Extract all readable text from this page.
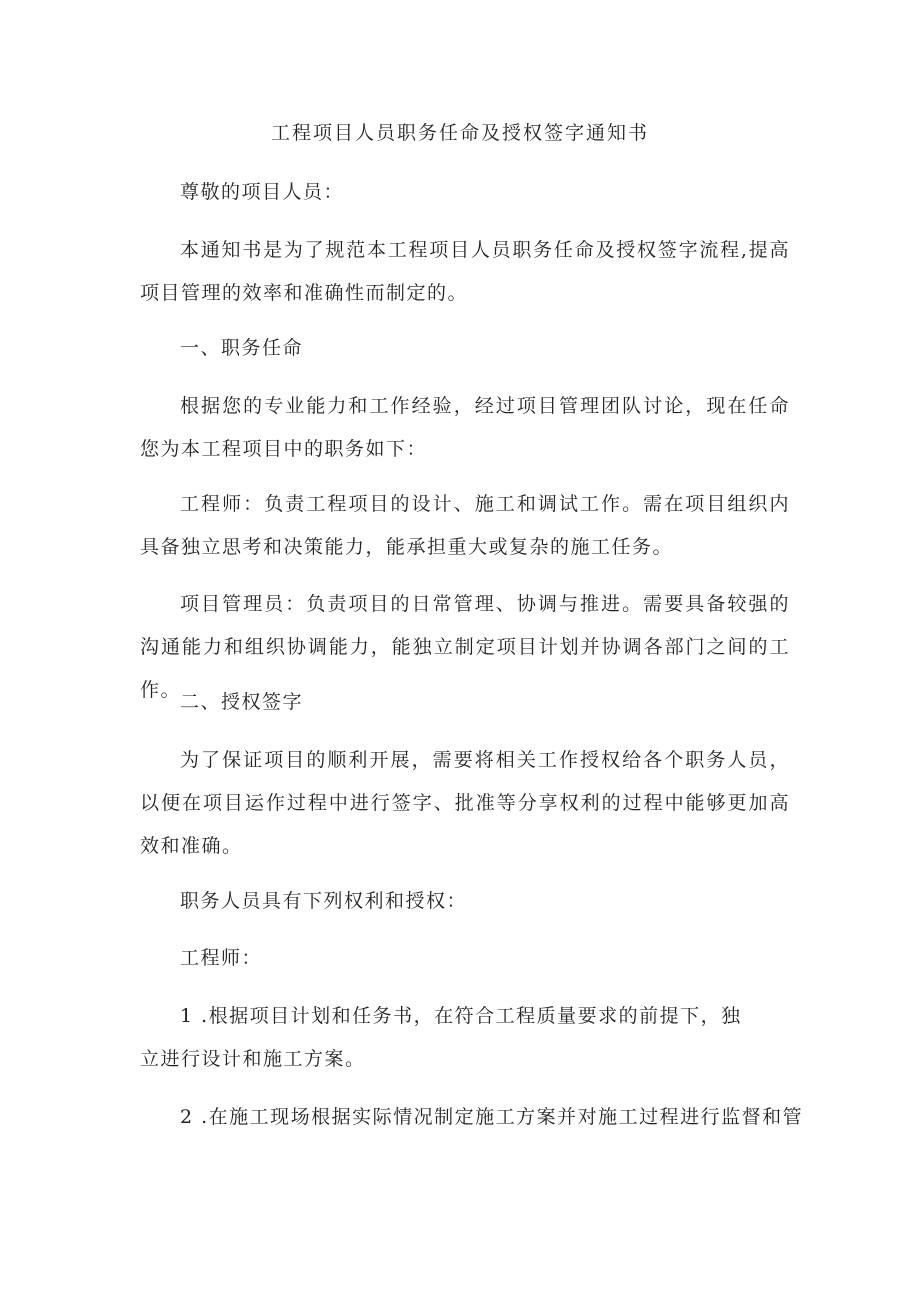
工程项目人员职务任命及授权签字通知书

尊敬的项目人员：

本通知书是为了规范本工程项目人员职务任命及授权签字流程,提高项目管理的效率和准确性而制定的。

一、职务任命

根据您的专业能力和工作经验，经过项目管理团队讨论，现在任命您为本工程项目中的职务如下：

工程师：负责工程项目的设计、施工和调试工作。需在项目组织内具备独立思考和决策能力，能承担重大或复杂的施工任务。

项目管理员：负责项目的日常管理、协调与推进。需要具备较强的沟通能力和组织协调能力，能独立制定项目计划并协调各部门之间的工作。

二、授权签字

为了保证项目的顺利开展，需要将相关工作授权给各个职务人员，以便在项目运作过程中进行签字、批准等分享权利的过程中能够更加高效和准确。

职务人员具有下列权利和授权：

工程师：

1 .根据项目计划和任务书，在符合工程质量要求的前提下，独

立进行设计和施工方案。

2 .在施工现场根据实际情况制定施工方案并对施工过程进行监督和管
